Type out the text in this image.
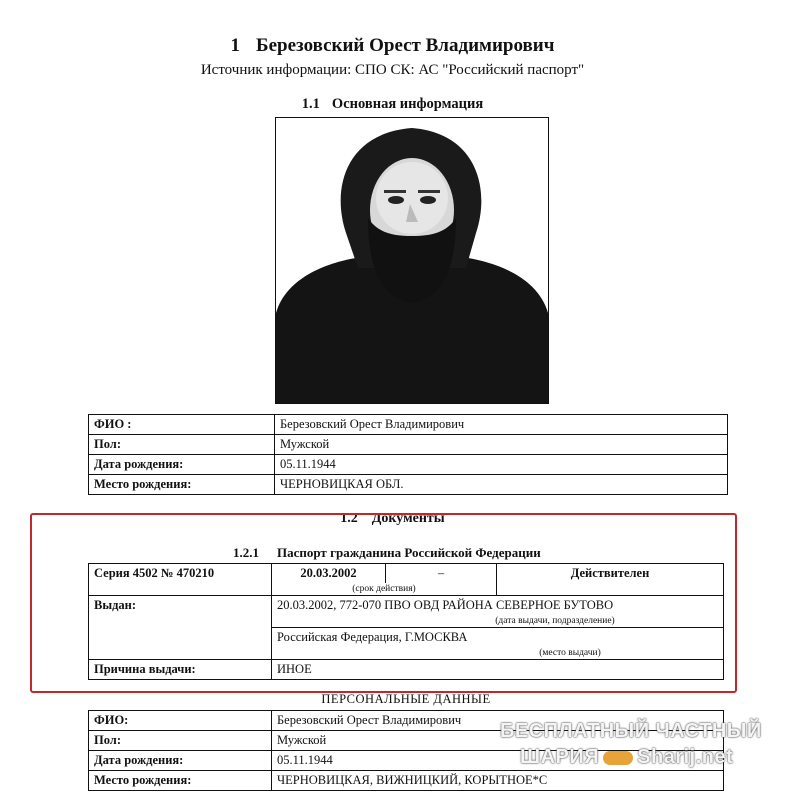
1 Березовский Орест Владимирович
Источник информации: СПО СК: АС "Российский паспорт"
1.1 Основная информация
ФИО :	Березовский Орест Владимирович
Пол:	Мужской
Дата рождения:	05.11.1944
Место рождения:	ЧЕРНОВИЦКАЯ ОБЛ.
1.2 Документы
1.2.1 Паспорт гражданина Российской Федерации
Серия 4502 № 470210	20.03.2002	–	Действителен
	(срок действия)		
Выдан:	20.03.2002, 772-070 ПВО ОВД РАЙОНА СЕВЕРНОЕ БУТОВО		
	(дата выдачи, подразделение)		
	Российская Федерация, Г.МОСКВА		
	(место выдачи)		
Причина выдачи:	ИНОЕ		
ПЕРСОНАЛЬНЫЕ ДАННЫЕ
ФИО:	Березовский Орест Владимирович
Пол:	Мужской
Дата рождения:	05.11.1944
Место рождения:	ЧЕРНОВИЦКАЯ, ВИЖНИЦКИЙ, КОРЫТНОЕ*С
БЕСПЛАТНЫЙ ЧАСТНЫЙ
ШАРИЯ Sharij.net
